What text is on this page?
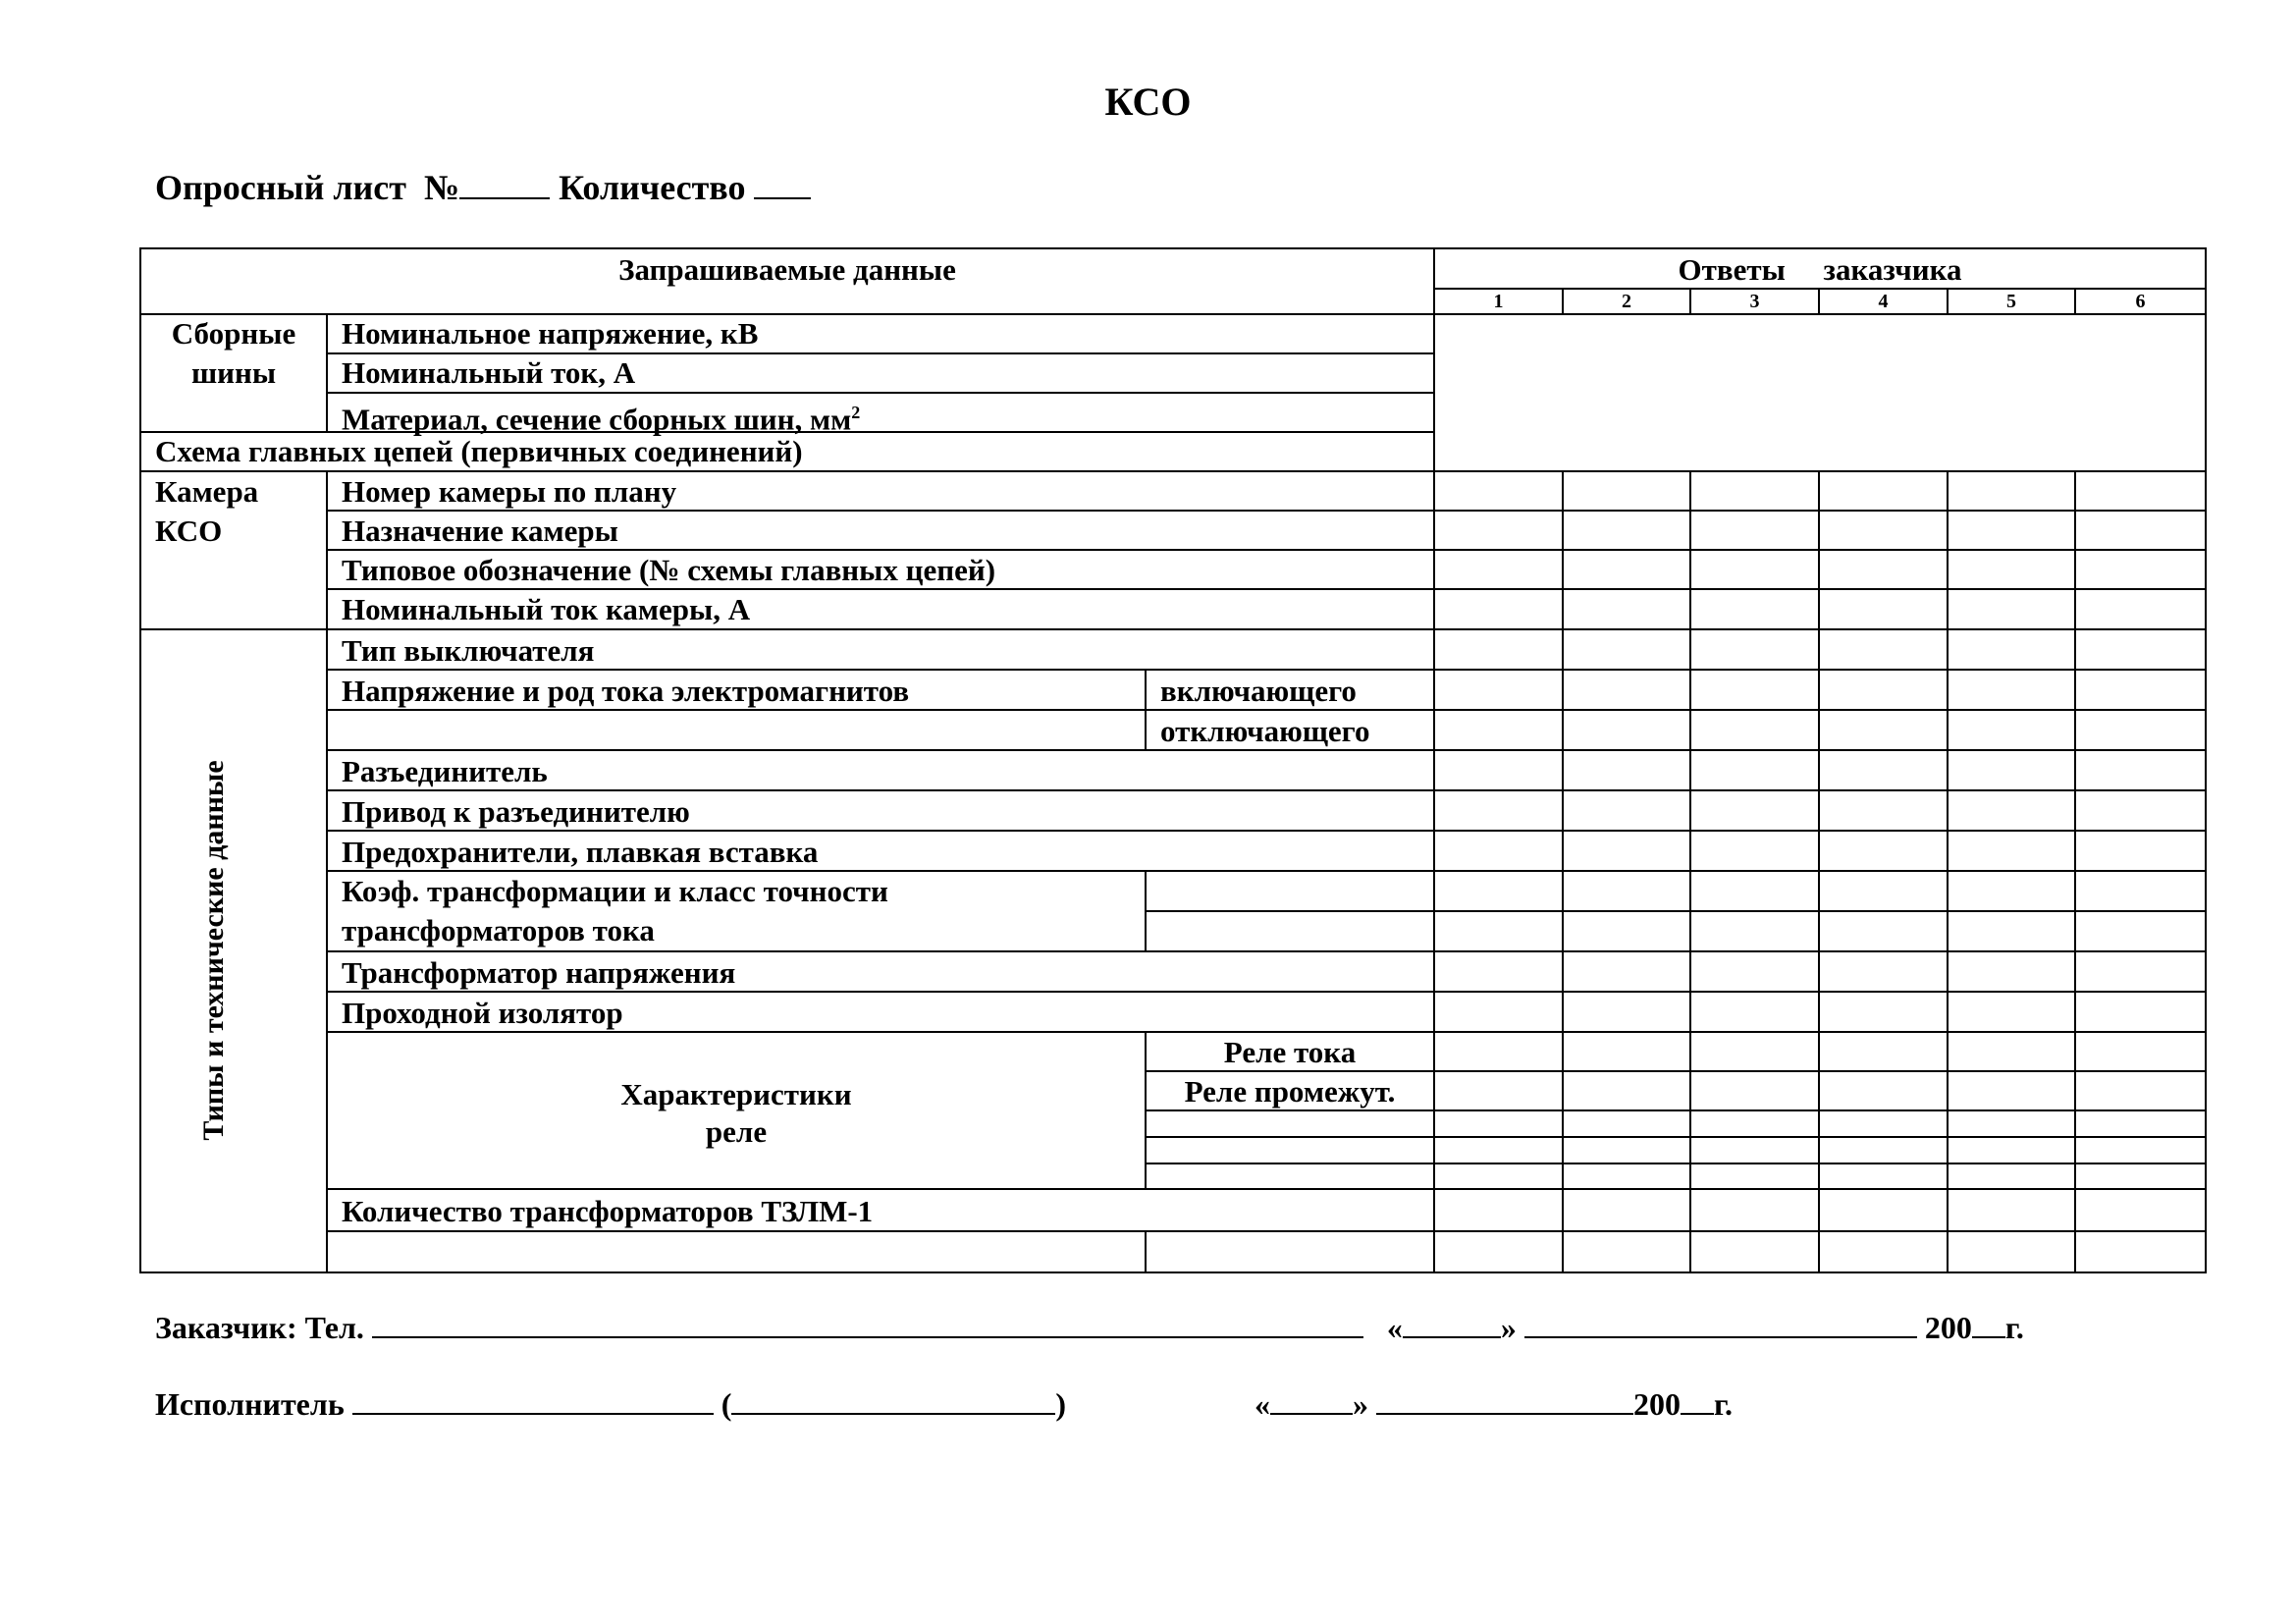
КСО
Опросный лист №	Количество
Запрашиваемые данные	Ответы     заказчика
1	2	3	4	5	6
Сборные
шины
Номинальное напряжение, кВ
Номинальный ток, А
Материал, сечение сборных шин, $мм^2$
Схема главных цепей (первичных соединений)
Камера
КСО
Номер камеры по плану
Назначение камеры
Типовое обозначение (№ схемы главных цепей)
Номинальный ток камеры, А
Типы и технические данные
Тип выключателя
Напряжение и род тока электромагнитов	включающего
отключающего
Разъединитель
Привод к разъединителю
Предохранители, плавкая вставка
Коэф. трансформации и класс точности
трансформаторов тока
Трансформатор напряжения
Проходной изолятор
Характеристики
реле
Реле тока
Реле промежут.
Количество трансформаторов ТЗЛМ-1
Заказчик: Тел.	«	»	200 г.
Исполнитель	(	)	«	»	200 г.
